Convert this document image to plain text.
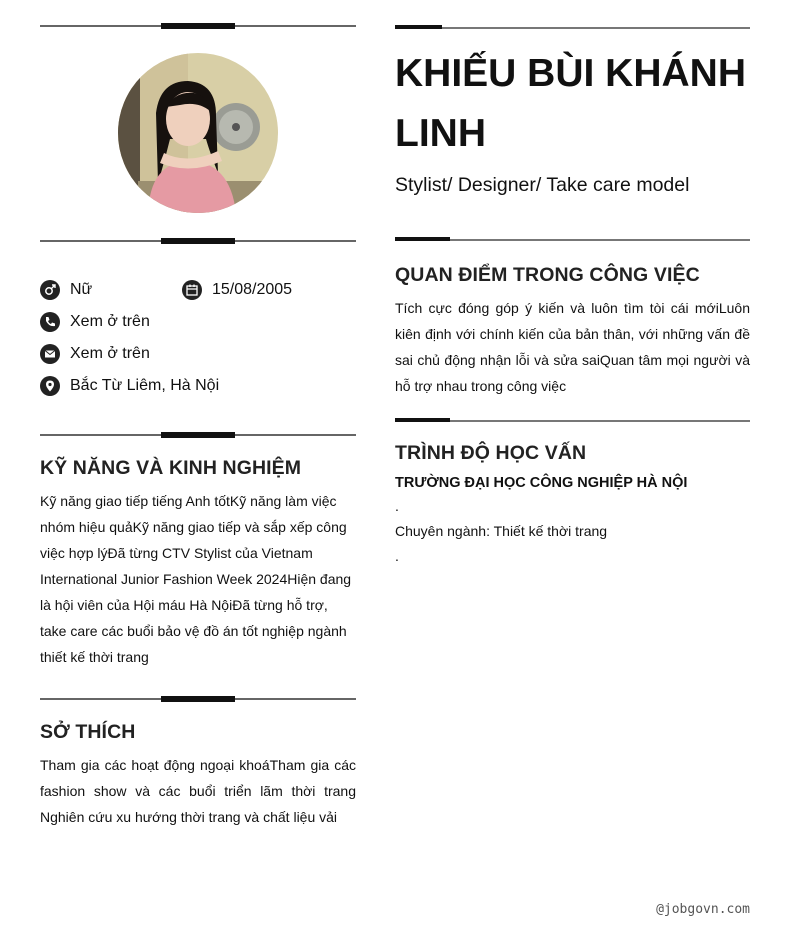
Nữ	15/08/2005
Xem ở trên
Xem ở trên
Bắc Từ Liêm, Hà Nội
KỸ NĂNG VÀ KINH NGHIỆM
Kỹ năng giao tiếp tiếng Anh tốtKỹ năng làm việc nhóm hiệu quảKỹ năng giao tiếp và sắp xếp công việc hợp lýĐã từng CTV Stylist của Vietnam International Junior Fashion Week 2024Hiện đang là hội viên của Hội máu Hà NộiĐã từng hỗ trợ, take care các buổi bảo vệ đồ án tốt nghiệp ngành thiết kế thời trang
SỞ THÍCH
Tham gia các hoạt động ngoại khoáTham gia các fashion show và các buổi triển lãm thời trang Nghiên cứu xu hướng thời trang và chất liệu vải
KHIẾU BÙI KHÁNH LINH
Stylist/ Designer/ Take care model
QUAN ĐIỂM TRONG CÔNG VIỆC
Tích cực đóng góp ý kiến và luôn tìm tòi cái mớiLuôn kiên định với chính kiến của bản thân, với những vấn đề sai chủ động nhận lỗi và sửa saiQuan tâm mọi người và hỗ trợ nhau trong công việc
TRÌNH ĐỘ HỌC VẤN
TRƯỜNG ĐẠI HỌC CÔNG NGHIỆP HÀ NỘI
.
Chuyên ngành: Thiết kế thời trang
.
@jobgovn.com
